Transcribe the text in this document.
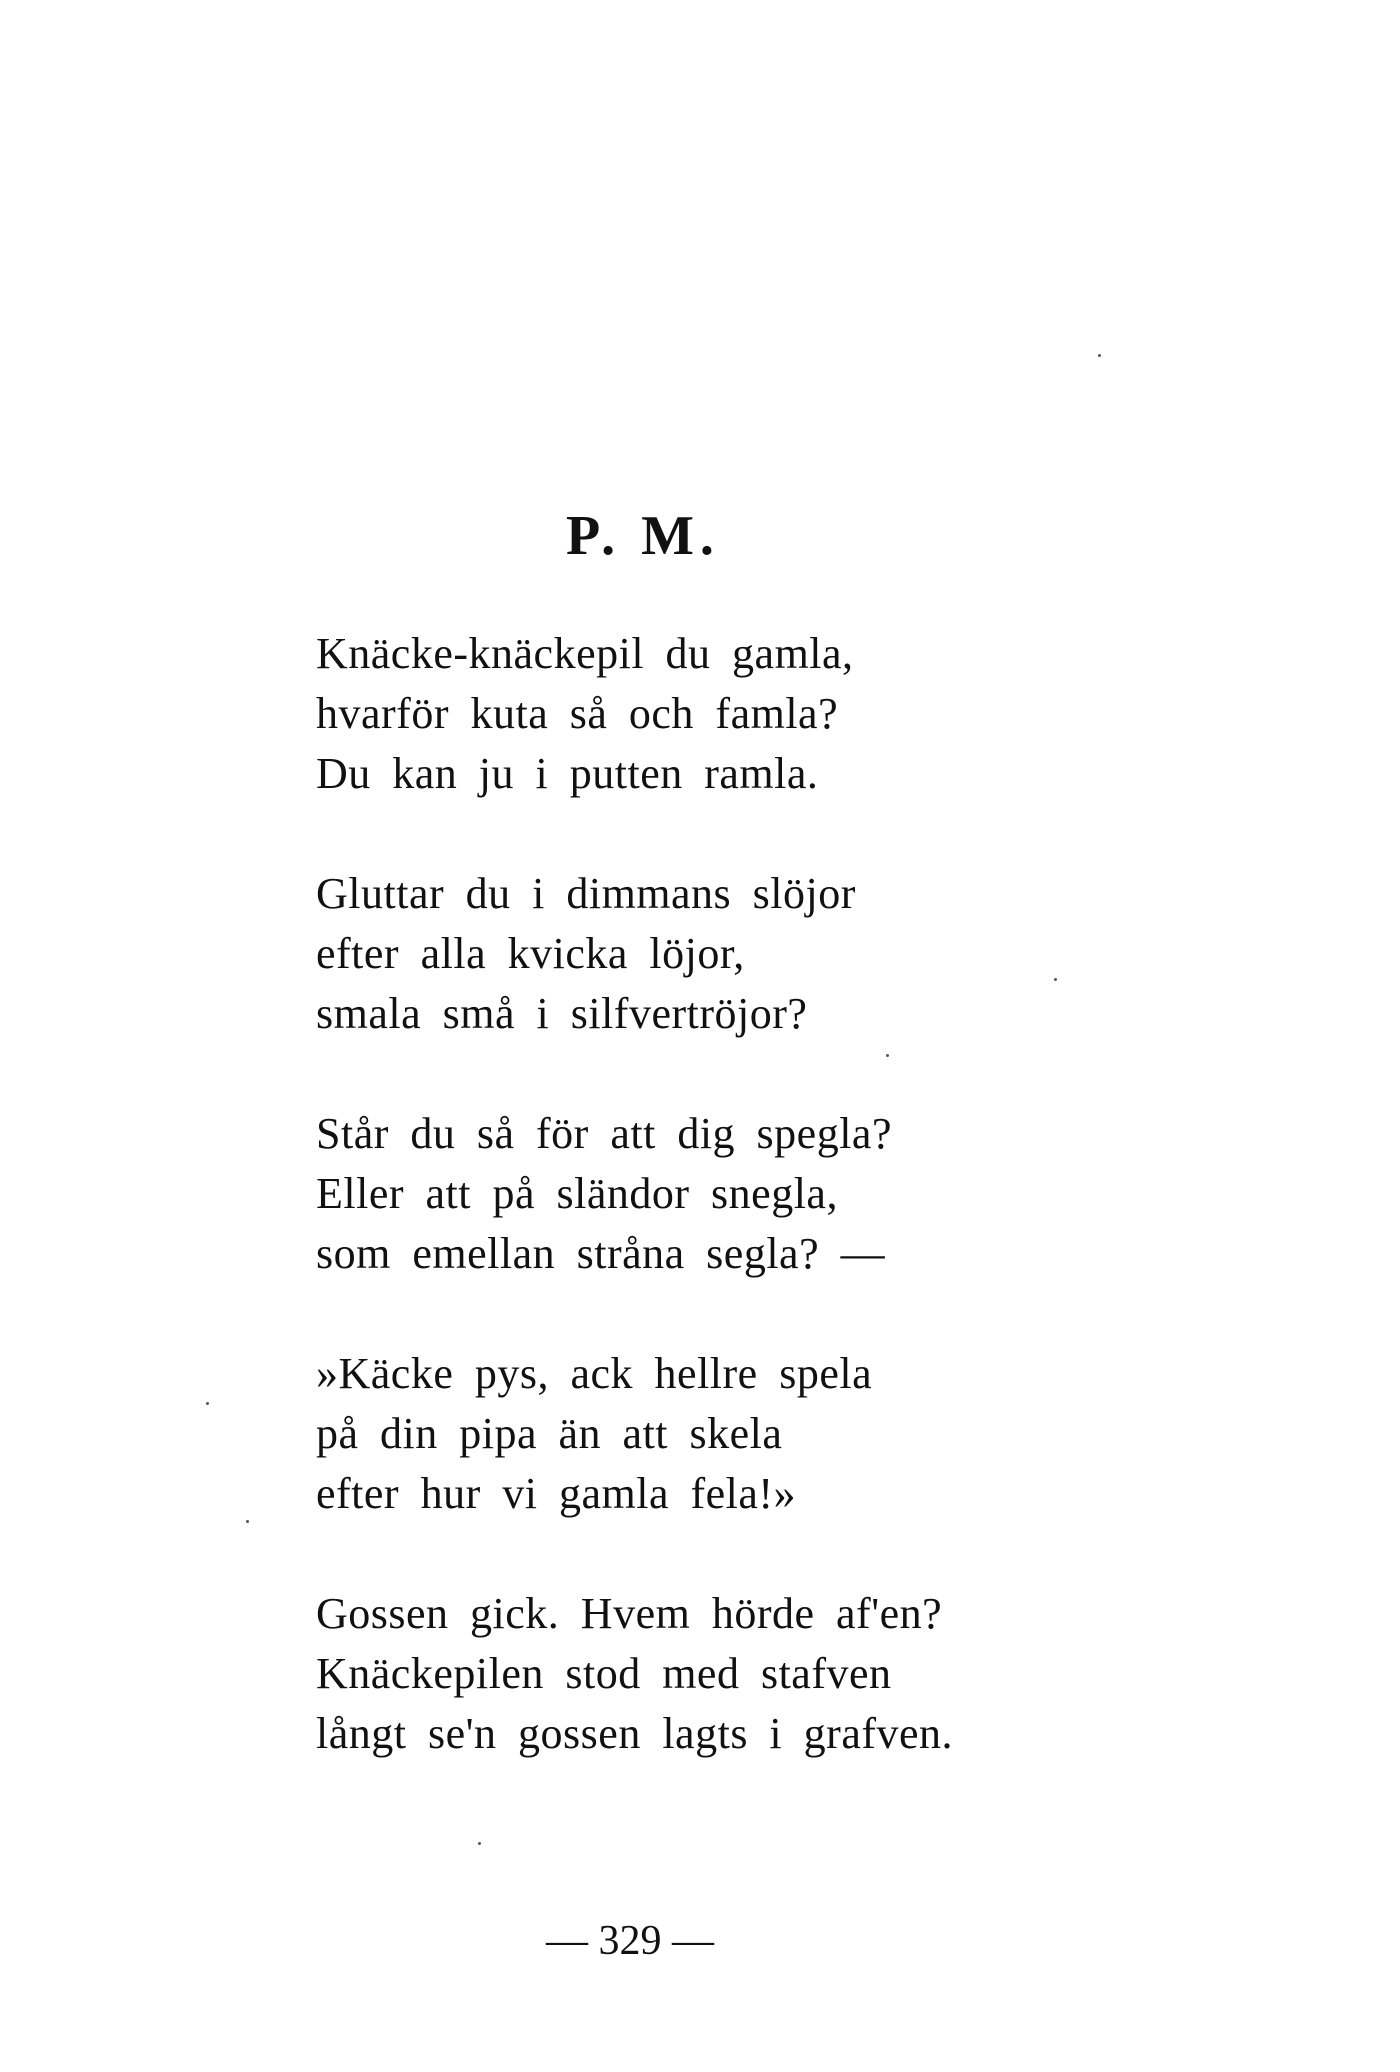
P. M.
Knäcke-knäckepil du gamla,
hvarför kuta så och famla?
Du kan ju i putten ramla.
Gluttar du i dimmans slöjor
efter alla kvicka löjor,
smala små i silfvertröjor?
Står du så för att dig spegla?
Eller att på sländor snegla,
som emellan stråna segla? —
»Käcke pys, ack hellre spela
på din pipa än att skela
efter hur vi gamla fela!»
Gossen gick. Hvem hörde af'en?
Knäckepilen stod med stafven
långt se'n gossen lagts i grafven.
— 329 —
